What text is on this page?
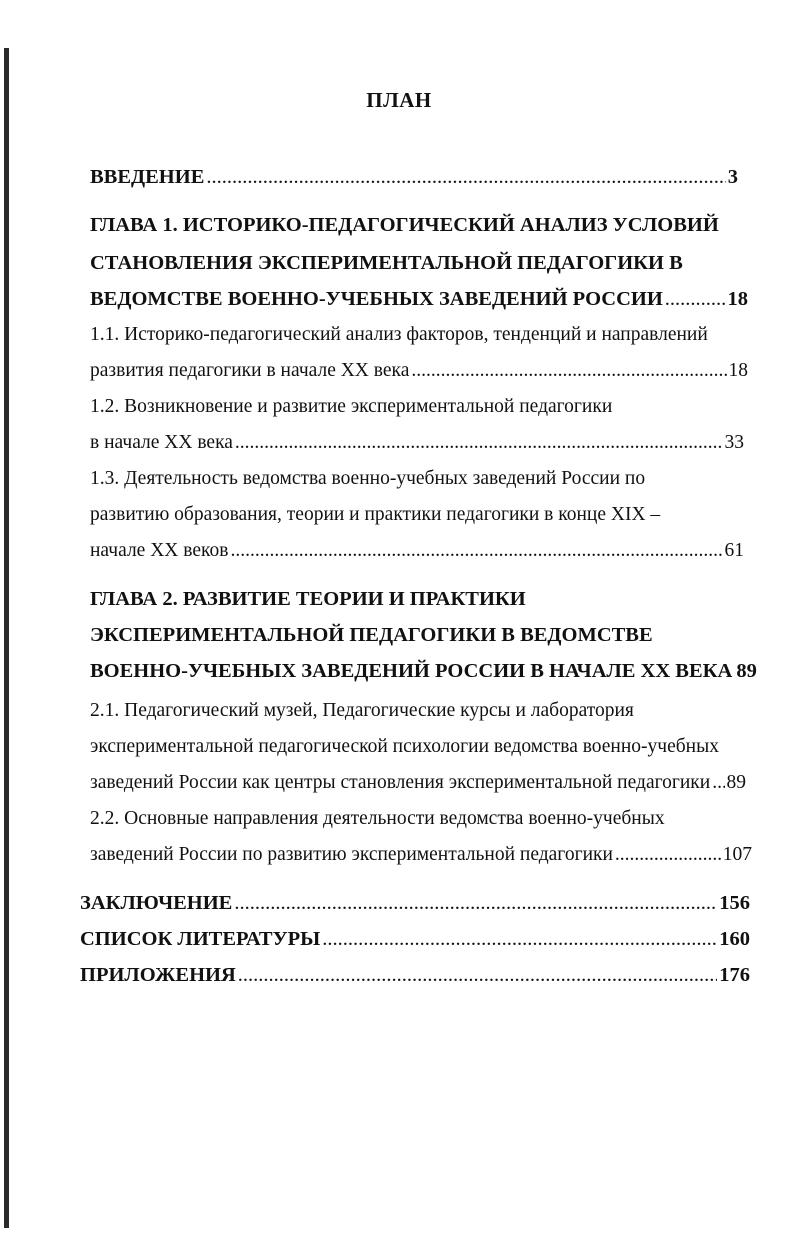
ПЛАН
ВВЕДЕНИЕ .....	3
ГЛАВА 1. ИСТОРИКО-ПЕДАГОГИЧЕСКИЙ АНАЛИЗ УСЛОВИЙ
СТАНОВЛЕНИЯ ЭКСПЕРИМЕНТАЛЬНОЙ ПЕДАГОГИКИ В
ВЕДОМСТВЕ ВОЕННО-УЧЕБНЫХ ЗАВЕДЕНИЙ РОССИИ .....	18
1.1. Историко-педагогический анализ факторов, тенденций и направлений
развития педагогики в начале XX века .....	18
1.2. Возникновение и развитие экспериментальной педагогики
в начале XX века .....	33
1.3. Деятельность ведомства военно-учебных заведений России по
развитию образования, теории и практики педагогики в конце XIX –
начале XX веков .....	61
ГЛАВА 2. РАЗВИТИЕ ТЕОРИИ И ПРАКТИКИ
ЭКСПЕРИМЕНТАЛЬНОЙ ПЕДАГОГИКИ В ВЕДОМСТВЕ
ВОЕННО-УЧЕБНЫХ ЗАВЕДЕНИЙ РОССИИ В НАЧАЛЕ XX ВЕКА 89
2.1. Педагогический музей, Педагогические курсы и лаборатория
экспериментальной педагогической психологии ведомства военно-учебных
заведений России как центры становления экспериментальной педагогики ..... 89
2.2. Основные направления деятельности ведомства военно-учебных
заведений России по развитию экспериментальной педагогики .....	107
ЗАКЛЮЧЕНИЕ .....	156
СПИСОК ЛИТЕРАТУРЫ .....	160
ПРИЛОЖЕНИЯ .....	176
